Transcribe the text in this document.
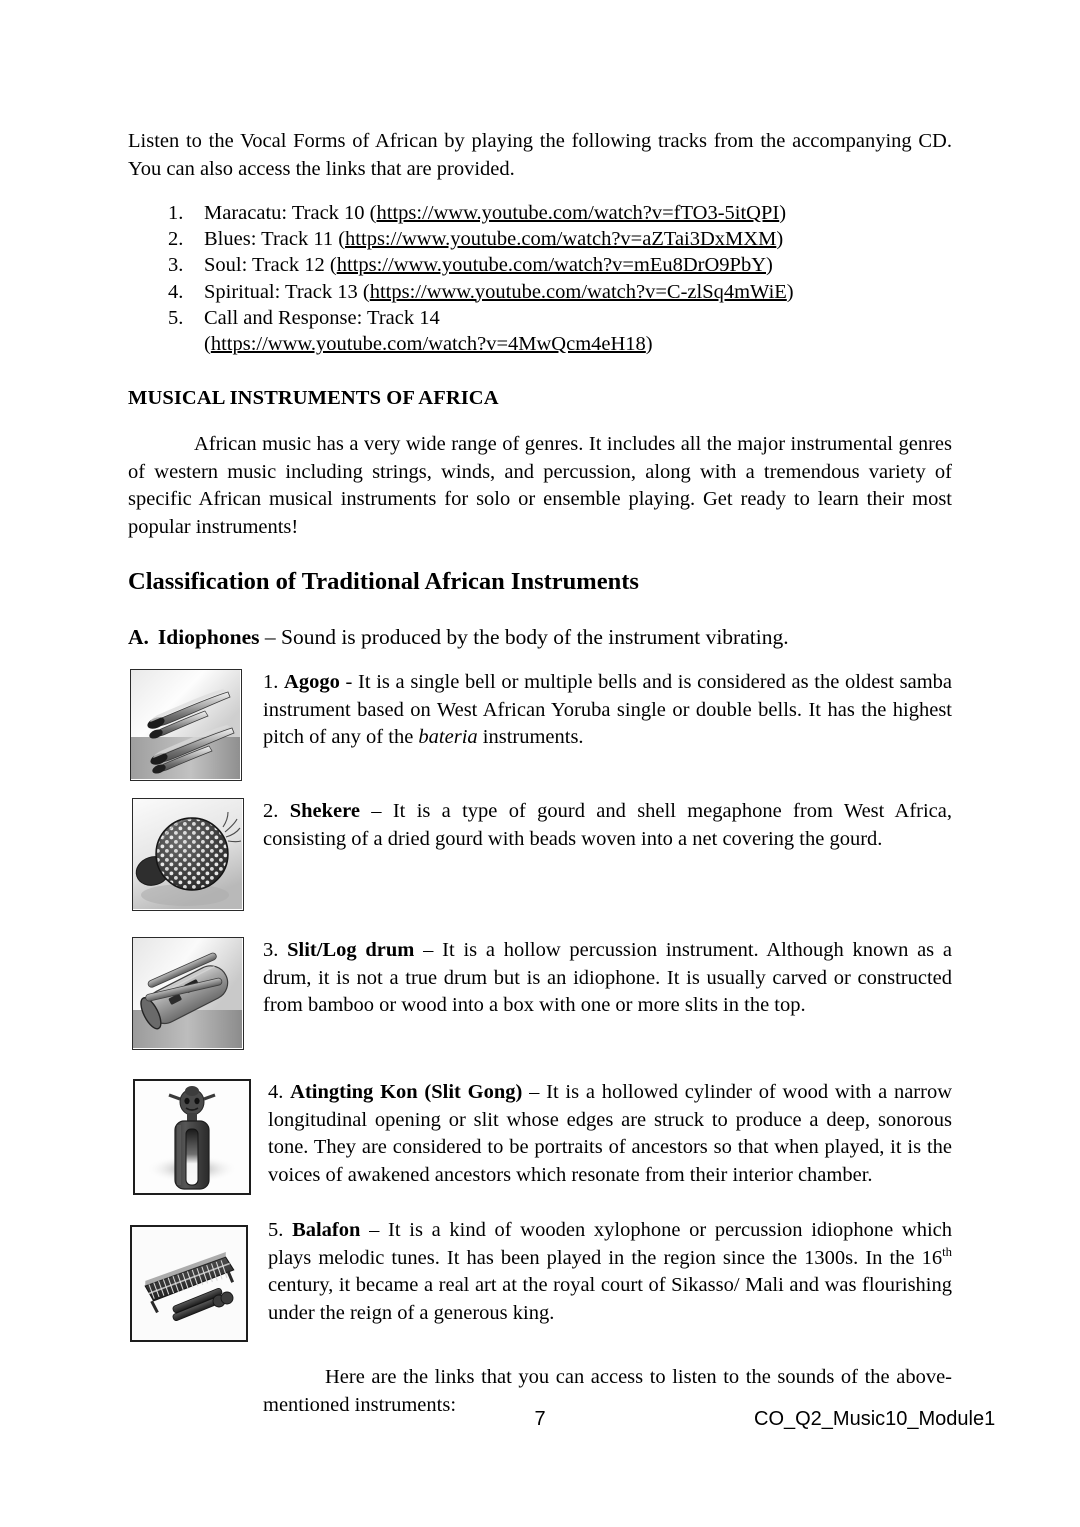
Listen to the Vocal Forms of African by playing the following tracks from the accompanying CD. You can also access the links that are provided.

1. Maracatu: Track 10 (https://www.youtube.com/watch?v=fTO3-5itQPI)
2. Blues: Track 11 (https://www.youtube.com/watch?v=aZTai3DxMXM)
3. Soul: Track 12 (https://www.youtube.com/watch?v=mEu8DrO9PbY)
4. Spiritual: Track 13 (https://www.youtube.com/watch?v=C-zlSq4mWiE)
5. Call and Response: Track 14
(https://www.youtube.com/watch?v=4MwQcm4eH18)
MUSICAL INSTRUMENTS OF AFRICA

African music has a very wide range of genres. It includes all the major instrumental genres of western music including strings, winds, and percussion, along with a tremendous variety of specific African musical instruments for solo or ensemble playing. Get ready to learn their most popular instruments!

Classification of Traditional African Instruments

A. Idiophones – Sound is produced by the body of the instrument vibrating.

1. Agogo - It is a single bell or multiple bells and is considered as the oldest samba instrument based on West African Yoruba single or double bells. It has the highest pitch of any of the bateria instruments.
2. Shekere – It is a type of gourd and shell megaphone from West Africa, consisting of a dried gourd with beads woven into a net covering the gourd.
3. Slit/Log drum – It is a hollow percussion instrument. Although known as a drum, it is not a true drum but is an idiophone. It is usually carved or constructed from bamboo or wood into a box with one or more slits in the top.
4. Atingting Kon (Slit Gong) – It is a hollowed cylinder of wood with a narrow longitudinal opening or slit whose edges are struck to produce a deep, sonorous tone. They are considered to be portraits of ancestors so that when played, it is the voices of awakened ancestors which resonate from their interior chamber.
5. Balafon – It is a kind of wooden xylophone or percussion idiophone which plays melodic tunes. It has been played in the region since the 1300s. In the 16th century, it became a real art at the royal court of Sikasso/ Mali and was flourishing under the reign of a generous king.

Here are the links that you can access to listen to the sounds of the above-mentioned instruments:

7	CO_Q2_Music10_Module1
